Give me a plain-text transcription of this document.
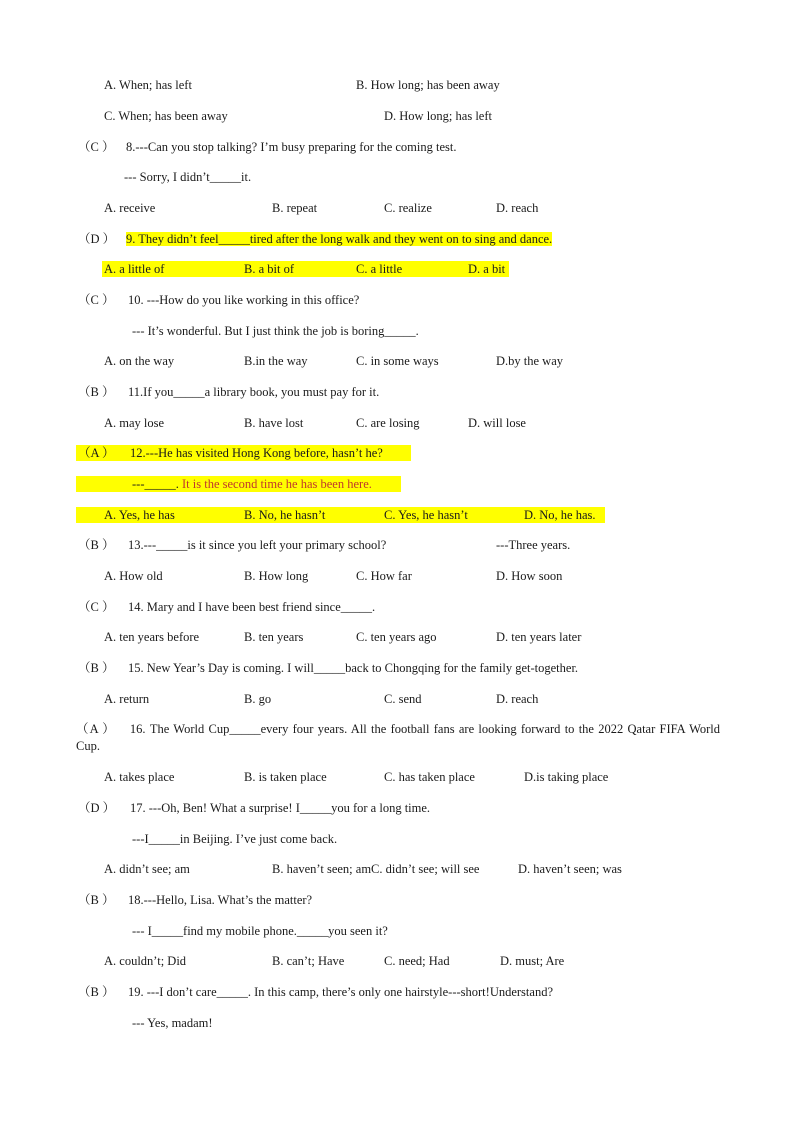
A. When; has left	B. How long; has been away
C. When; has been away	D. How long; has left
（C ） 8.---Can you stop talking? I’m busy preparing for the coming test.
--- Sorry, I didn’t_____it.
A. receive	B. repeat	C. realize	D. reach
（D ） 9. They didn’t feel_____tired after the long walk and they went on to sing and dance.
A. a little of	B. a bit of	C. a little	D. a bit
（C ） 10. ---How do you like working in this office?
--- It’s wonderful. But I just think the job is boring_____.
A. on the way	B.in the way	C. in some ways	D.by the way
（B ） 11.If you_____a library book, you must pay for it.
A. may lose	B. have lost	C. are losing	D. will lose
（A ） 12.---He has visited Hong Kong before, hasn’t he?
---_____. It is the second time he has been here.
A. Yes, he has	B. No, he hasn’t	C. Yes, he hasn’t	D. No, he has.
（B ） 13.---_____is it since you left your primary school?	---Three years.
A. How old	B. How long	C. How far	D. How soon
（C ） 14. Mary and I have been best friend since_____.
A. ten years before	B. ten years	C. ten years ago	D. ten years later
（B ） 15. New Year’s Day is coming. I will_____back to Chongqing for the family get-together.
A. return	B. go	C. send	D. reach
（A ） 16. The World Cup_____every four years. All the football fans are looking forward to the 2022 Qatar FIFA World Cup.
A. takes place	B. is taken place	C. has taken place	D.is taking place
（D ） 17. ---Oh, Ben! What a surprise! I_____you for a long time.
---I_____in Beijing. I’ve just come back.
A. didn’t see; am	B. haven’t seen; amC. didn’t see; will see	D. haven’t seen; was
（B ） 18.---Hello, Lisa. What’s the matter?
--- I_____find my mobile phone._____you seen it?
A. couldn’t; Did	B. can’t; Have	C. need; Had	D. must; Are
（B ） 19. ---I don’t care_____. In this camp, there’s only one hairstyle---short!Understand?
--- Yes, madam!
